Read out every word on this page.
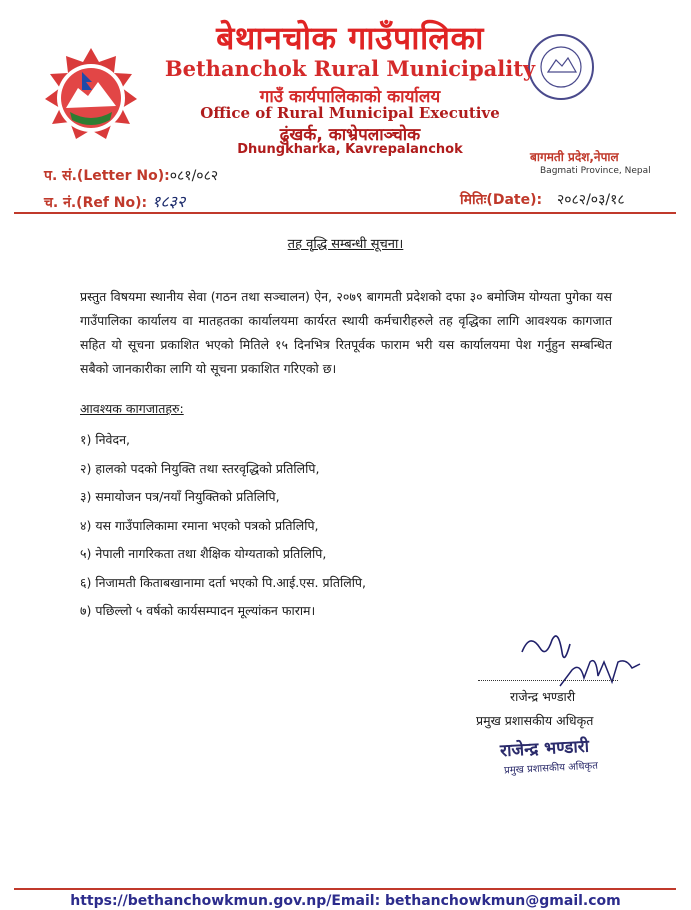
बेथानचोक गाउँपालिका
Bethanchok Rural Municipality
गाउँ कार्यपालिकाको कार्यालय
Office of Rural Municipal Executive
ढुंखर्क, काभ्रेपलाञ्चोक
Dhungkharka, Kavrepalanchok	बागमती प्रदेश,नेपाल
Bagmati Province, Nepal
प. सं.(Letter No):०८१/०८२
च. नं.(Ref No): १८३२	मितिः(Date): २०८२/०३/१८
तह वृद्धि सम्बन्धी सूचना।
प्रस्तुत विषयमा स्थानीय सेवा (गठन तथा सञ्चालन) ऐन, २०७९ बागमती प्रदेशको दफा ३० बमोजिम योग्यता पुगेका यस गाउँपालिका कार्यालय वा मातहतका कार्यालयमा कार्यरत स्थायी कर्मचारीहरुले तह वृद्धिका लागि आवश्यक कागजात सहित यो सूचना प्रकाशित भएको मितिले १५ दिनभित्र रितपूर्वक फाराम भरी यस कार्यालयमा पेश गर्नुहुन सम्बन्धित सबैको जानकारीका लागि यो सूचना प्रकाशित गरिएको छ।
आवश्यक कागजातहरु:
१) निवेदन,
२) हालको पदको नियुक्ति तथा स्तरवृद्धिको प्रतिलिपि,
३) समायोजन पत्र/नयाँ नियुक्तिको प्रतिलिपि,
४) यस गाउँपालिकामा रमाना भएको पत्रको प्रतिलिपि,
५) नेपाली नागरिकता तथा शैक्षिक योग्यताको प्रतिलिपि,
६) निजामती किताबखानामा दर्ता भएको पि.आई.एस. प्रतिलिपि,
७) पछिल्लो ५ वर्षको कार्यसम्पादन मूल्यांकन फाराम।
राजेन्द्र भण्डारी
प्रमुख प्रशासकीय अधिकृत
राजेन्द्र भण्डारी
प्रमुख प्रशासकीय अधिकृत
https://bethanchowkmun.gov.np/Email: bethanchowkmun@gmail.com
